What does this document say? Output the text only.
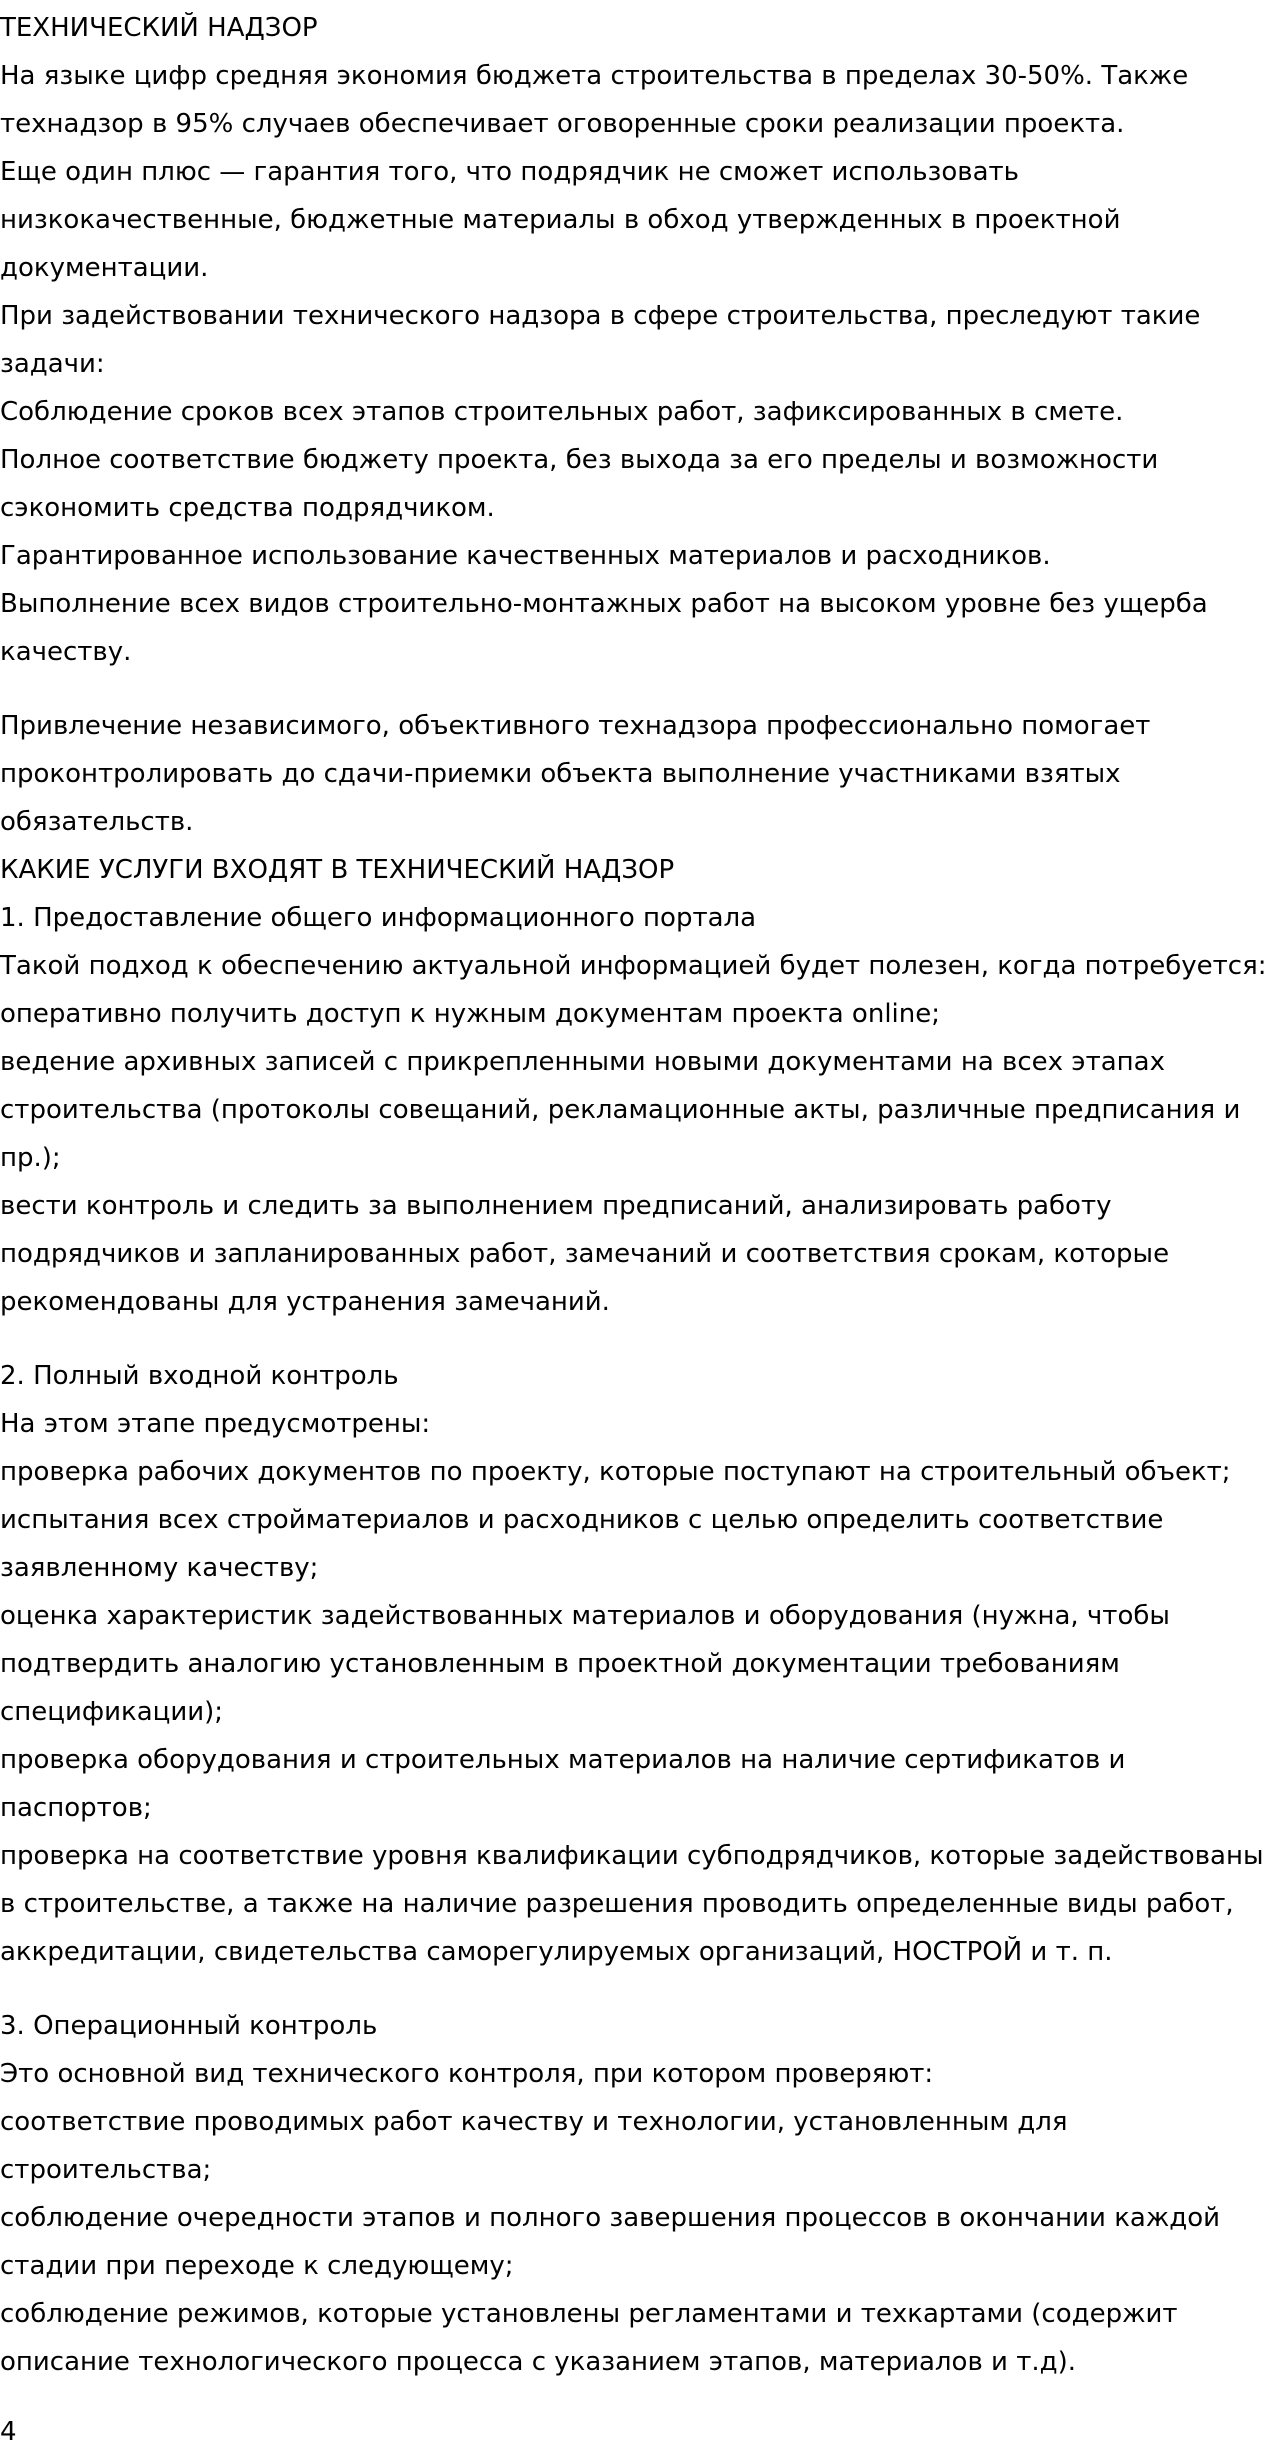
ТЕХНИЧЕСКИЙ НАДЗОР
На языке цифр средняя экономия бюджета строительства в пределах 30-50%. Также
технадзор в 95% случаев обеспечивает оговоренные сроки реализации проекта.
Еще один плюс — гарантия того, что подрядчик не сможет использовать
низкокачественные, бюджетные материалы в обход утвержденных в проектной
документации.
При задействовании технического надзора в сфере строительства, преследуют такие
задачи:
Соблюдение сроков всех этапов строительных работ, зафиксированных в смете.
Полное соответствие бюджету проекта, без выхода за его пределы и возможности
сэкономить средства подрядчиком.
Гарантированное использование качественных материалов и расходников.
Выполнение всех видов строительно-монтажных работ на высоком уровне без ущерба
качеству.
Привлечение независимого, объективного технадзора профессионально помогает
проконтролировать до сдачи-приемки объекта выполнение участниками взятых
обязательств.
КАКИЕ УСЛУГИ ВХОДЯТ В ТЕХНИЧЕСКИЙ НАДЗОР
1. Предоставление общего информационного портала
Такой подход к обеспечению актуальной информацией будет полезен, когда потребуется:
оперативно получить доступ к нужным документам проекта online;
ведение архивных записей с прикрепленными новыми документами на всех этапах
строительства (протоколы совещаний, рекламационные акты, различные предписания и
пр.);
вести контроль и следить за выполнением предписаний, анализировать работу
подрядчиков и запланированных работ, замечаний и соответствия срокам, которые
рекомендованы для устранения замечаний.
2. Полный входной контроль
На этом этапе предусмотрены:
проверка рабочих документов по проекту, которые поступают на строительный объект;
испытания всех стройматериалов и расходников с целью определить соответствие
заявленному качеству;
оценка характеристик задействованных материалов и оборудования (нужна, чтобы
подтвердить аналогию установленным в проектной документации требованиям
спецификации);
проверка оборудования и строительных материалов на наличие сертификатов и
паспортов;
проверка на соответствие уровня квалификации субподрядчиков, которые задействованы
в строительстве, а также на наличие разрешения проводить определенные виды работ,
аккредитации, свидетельства саморегулируемых организаций, НОСТРОЙ и т. п.
3. Операционный контроль
Это основной вид технического контроля, при котором проверяют:
соответствие проводимых работ качеству и технологии, установленным для
строительства;
соблюдение очередности этапов и полного завершения процессов в окончании каждой
стадии при переходе к следующему;
соблюдение режимов, которые установлены регламентами и техкартами (содержит
описание технологического процесса с указанием этапов, материалов и т.д).
4
